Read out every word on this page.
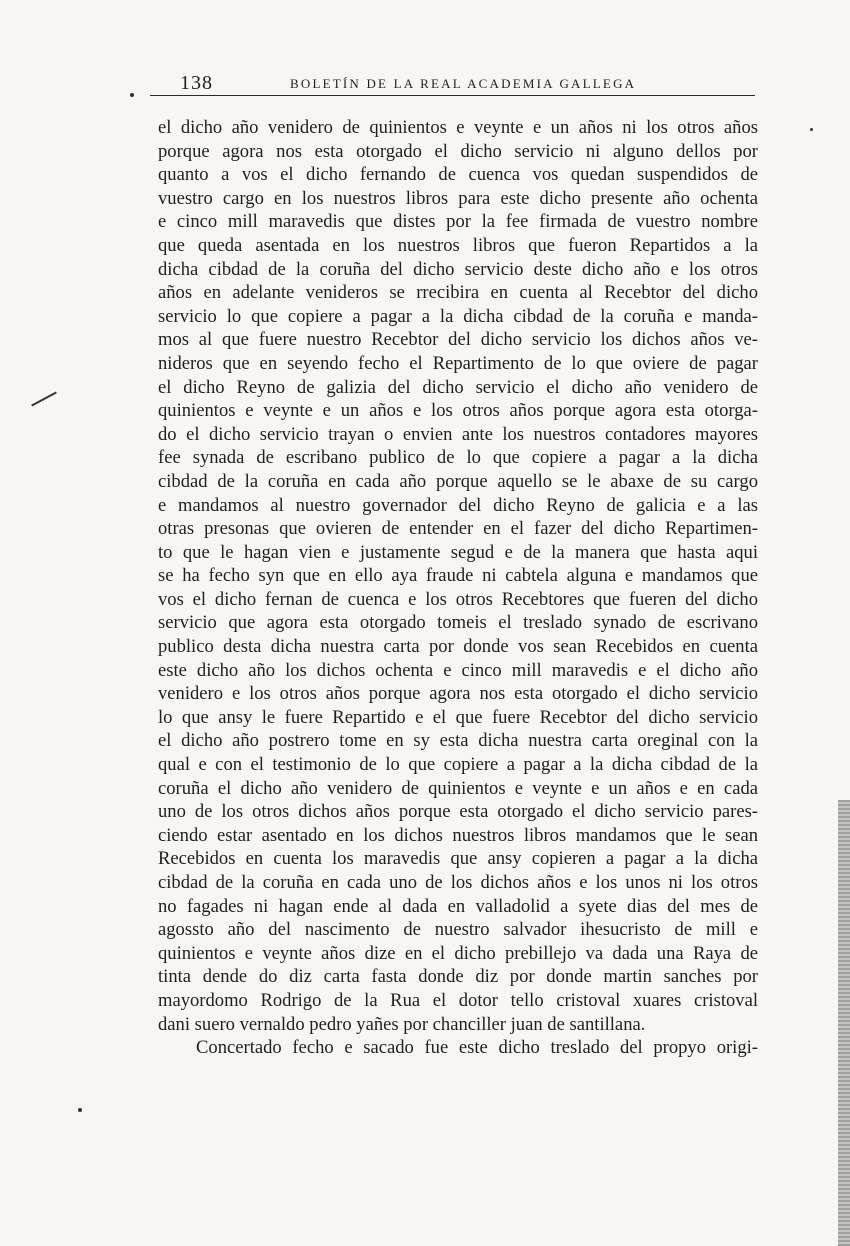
138	BOLETÍN DE LA REAL ACADEMIA GALLEGA
el dicho año venidero de quinientos e veynte e un años ni los otros años
porque agora nos esta otorgado el dicho servicio ni alguno dellos por
quanto a vos el dicho fernando de cuenca vos quedan suspendidos de
vuestro cargo en los nuestros libros para este dicho presente año ochenta
e cinco mill maravedis que distes por la fee firmada de vuestro nombre
que queda asentada en los nuestros libros que fueron Repartidos a la
dicha cibdad de la coruña del dicho servicio deste dicho año e los otros
años en adelante venideros se rrecibira en cuenta al Recebtor del dicho
servicio lo que copiere a pagar a la dicha cibdad de la coruña e manda-
mos al que fuere nuestro Recebtor del dicho servicio los dichos años ve-
nideros que en seyendo fecho el Repartimento de lo que oviere de pagar
el dicho Reyno de galizia del dicho servicio el dicho año venidero de
quinientos e veynte e un años e los otros años porque agora esta otorga-
do el dicho servicio trayan o envien ante los nuestros contadores mayores
fee synada de escribano publico de lo que copiere a pagar a la dicha
cibdad de la coruña en cada año porque aquello se le abaxe de su cargo
e mandamos al nuestro governador del dicho Reyno de galicia e a las
otras presonas que ovieren de entender en el fazer del dicho Repartimen-
to que le hagan vien e justamente segud e de la manera que hasta aqui
se ha fecho syn que en ello aya fraude ni cabtela alguna e mandamos que
vos el dicho fernan de cuenca e los otros Recebtores que fueren del dicho
servicio que agora esta otorgado tomeis el treslado synado de escrivano
publico desta dicha nuestra carta por donde vos sean Recebidos en cuenta
este dicho año los dichos ochenta e cinco mill maravedis e el dicho año
venidero e los otros años porque agora nos esta otorgado el dicho servicio
lo que ansy le fuere Repartido e el que fuere Recebtor del dicho servicio
el dicho año postrero tome en sy esta dicha nuestra carta oreginal con la
qual e con el testimonio de lo que copiere a pagar a la dicha cibdad de la
coruña el dicho año venidero de quinientos e veynte e un años e en cada
uno de los otros dichos años porque esta otorgado el dicho servicio pares-
ciendo estar asentado en los dichos nuestros libros mandamos que le sean
Recebidos en cuenta los maravedis que ansy copieren a pagar a la dicha
cibdad de la coruña en cada uno de los dichos años e los unos ni los otros
no fagades ni hagan ende al dada en valladolid a syete dias del mes de
agossto año del nascimento de nuestro salvador ihesucristo de mill e
quinientos e veynte años dize en el dicho prebillejo va dada una Raya de
tinta dende do diz carta fasta donde diz por donde martin sanches por
mayordomo Rodrigo de la Rua el dotor tello cristoval xuares cristoval
dani suero vernaldo pedro yañes por chanciller juan de santillana.
Concertado fecho e sacado fue este dicho treslado del propyo origi-
